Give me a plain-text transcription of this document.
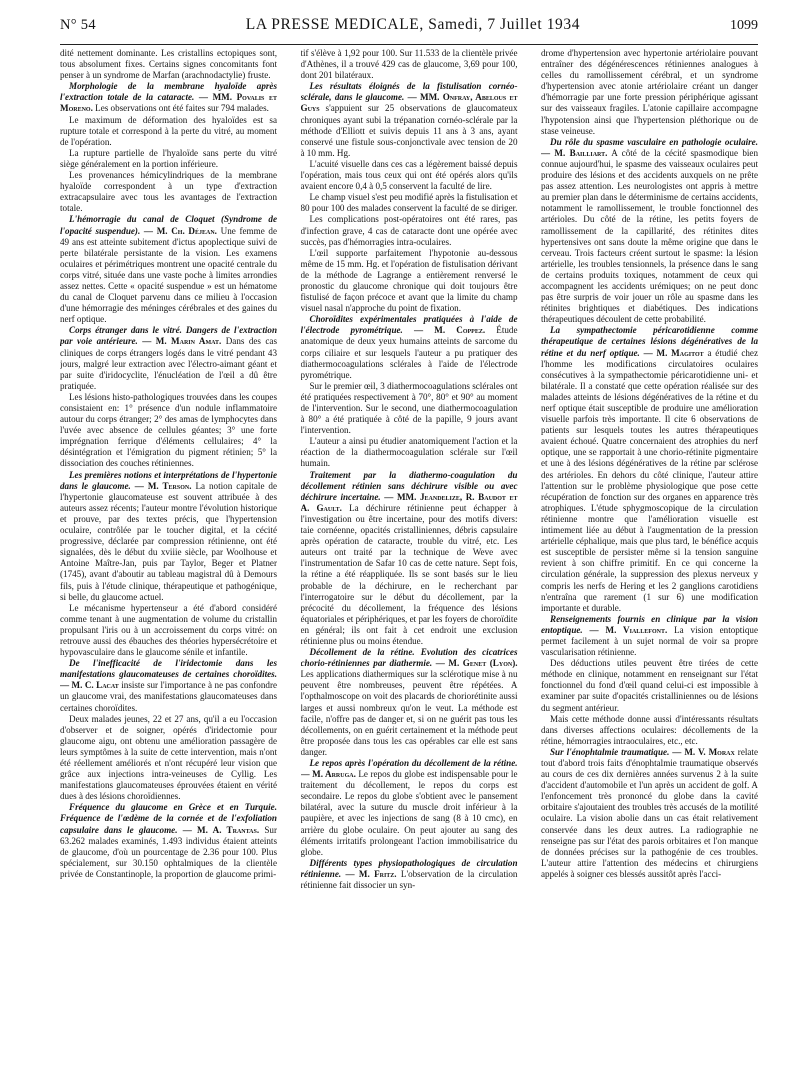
N° 54	LA PRESSE MEDICALE, Samedi, 7 Juillet 1934	1099

dité nettement dominante. Les cristallins ectopiques sont, tous absolument fixes. Certains signes concomitants font penser à un syndrome de Marfan (arachnodactylie) fruste.

Morphologie de la membrane hyaloïde après l'extraction totale de la cataracte. — MM. Povalis et Moreno. Les observations ont été faites sur 794 malades.

Le maximum de déformation des hyaloïdes est sa rupture totale et correspond à la perte du vitré, au moment de l'opération.

La rupture partielle de l'hyaloïde sans perte du vitré siège généralement en la portion inférieure.

Les provenances hémicylindriques de la membrane hyaloïde correspondent à un type d'extraction extracapsulaire avec tous les avantages de l'extraction totale.

L'hémorragie du canal de Cloquet (Syndrome de l'opacité suspendue). — M. Ch. Déjean. Une femme de 49 ans est atteinte subitement d'ictus apoplectique suivi de perte bilatérale persistante de la vision. Les examens oculaires et périmétriques montrent une opacité centrale du corps vitré, située dans une vaste poche à limites arrondies assez nettes. Cette « opacité suspendue » est un hématome du canal de Cloquet parvenu dans ce milieu à l'occasion d'une hémorragie des méninges cérébrales et des gaines du nerf optique.

Corps étranger dans le vitré. Dangers de l'extraction par voie antérieure. — M. Marin Amat. Dans des cas cliniques de corps étrangers logés dans le vitré pendant 43 jours, malgré leur extraction avec l'électro-aimant géant et par suite d'iridocyclite, l'énucléation de l'œil a dû être pratiquée.

Les lésions histo-pathologiques trouvées dans les coupes consistaient en: 1° présence d'un nodule inflammatoire autour du corps étranger; 2° des amas de lymphocytes dans l'uvée avec absence de cellules géantes; 3° une forte imprégnation ferrique d'éléments cellulaires; 4° la désintégration et l'émigration du pigment rétinien; 5° la dissociation des couches rétiniennes.

Les premières notions et interprétations de l'hypertonie dans le glaucome. — M. Terson. La notion capitale de l'hypertonie glaucomateuse est souvent attribuée à des auteurs assez récents; l'auteur montre l'évolution historique et prouve, par des textes précis, que l'hypertension oculaire, contrôlée par le toucher digital, et la cécité progressive, déclarée par compression rétinienne, ont été signalées, dès le début du xviiie siècle, par Woolhouse et Antoine Maître-Jan, puis par Taylor, Beger et Platner (1745), avant d'aboutir au tableau magistral dû à Demours fils, puis à l'étude clinique, thérapeutique et pathogénique, si belle, du glaucome actuel.

Le mécanisme hypertenseur a été d'abord considéré comme tenant à une augmentation de volume du cristallin propulsant l'iris ou à un accroissement du corps vitré: on retrouve aussi des ébauches des théories hypersécrétoire et hypovasculaire dans le glaucome sénile et infantile.

De l'inefficacité de l'iridectomie dans les manifestations glaucomateuses de certaines choroïdites. — M. C. Lacat insiste sur l'importance à ne pas confondre un glaucome vrai, des manifestations glaucomateuses dans certaines choroïdites.

Deux malades jeunes, 22 et 27 ans, qu'il a eu l'occasion d'observer et de soigner, opérés d'iridectomie pour glaucome aigu, ont obtenu une amélioration passagère de leurs symptômes à la suite de cette intervention, mais n'ont été réellement améliorés et n'ont récupéré leur vision que grâce aux injections intra-veineuses de Cyllig. Les manifestations glaucomateuses éprouvées étaient en vérité dues à des lésions choroïdiennes.

Fréquence du glaucome en Grèce et en Turquie. Fréquence de l'œdème de la cornée et de l'exfoliation capsulaire dans le glaucome. — M. A. Trantas. Sur 63.262 malades examinés, 1.493 individus étaient atteints de glaucome, d'où un pourcentage de 2.36 pour 100. Plus spécialement, sur 30.150 ophtalmiques de la clientèle privée de Constantinople, la proportion de glaucome primi-

tif s'élève à 1,92 pour 100. Sur 11.533 de la clientèle privée d'Athènes, il a trouvé 429 cas de glaucome, 3,69 pour 100, dont 201 bilatéraux.

Les résultats éloignés de la fistulisation cornéo-sclérale, dans le glaucome. — MM. Onfray, Abelous et Guys s'appuient sur 25 observations de glaucomateux chroniques ayant subi la trépanation cornéo-sclérale par la méthode d'Elliott et suivis depuis 11 ans à 3 ans, ayant conservé une fistule sous-conjonctivale avec tension de 20 à 10 mm. Hg.

L'acuité visuelle dans ces cas a légèrement baissé depuis l'opération, mais tous ceux qui ont été opérés alors qu'ils avaient encore 0,4 à 0,5 conservent la faculté de lire.

Le champ visuel s'est peu modifié après la fistulisation et 80 pour 100 des malades conservent la faculté de se diriger.

Les complications post-opératoires ont été rares, pas d'infection grave, 4 cas de cataracte dont une opérée avec succès, pas d'hémorragies intra-oculaires.

L'œil supporte parfaitement l'hypotonie au-dessous même de 15 mm. Hg. et l'opération de fistulisation dérivant de la méthode de Lagrange a entièrement renversé le pronostic du glaucome chronique qui doit toujours être fistulisé de façon précoce et avant que la limite du champ visuel nasal n'approche du point de fixation.

Choroïdites expérimentales pratiquées à l'aide de l'électrode pyrométrique. — M. Coppez. Étude anatomique de deux yeux humains atteints de sarcome du corps ciliaire et sur lesquels l'auteur a pu pratiquer des diathermocoagulations sclérales à l'aide de l'électrode pyrométrique.

Sur le premier œil, 3 diathermocoagulations sclérales ont été pratiquées respectivement à 70°, 80° et 90° au moment de l'intervention. Sur le second, une diathermocoagulation à 80° a été pratiquée à côté de la papille, 9 jours avant l'intervention.

L'auteur a ainsi pu étudier anatomiquement l'action et la réaction de la diathermocoagulation sclérale sur l'œil humain.

Traitement par la diathermo-coagulation du décollement rétinien sans déchirure visible ou avec déchirure incertaine. — MM. Jeandelize, R. Baudot et A. Gault. La déchirure rétinienne peut échapper à l'investigation ou être incertaine, pour des motifs divers: taie cornéenne, opacités cristalliniennes, débris capsulaire après opération de cataracte, trouble du vitré, etc. Les auteurs ont traité par la technique de Weve avec l'instrumentation de Safar 10 cas de cette nature. Sept fois, la rétine a été réappliquée. Ils se sont basés sur le lieu probable de la déchirure, en le recherchant par l'interrogatoire sur le début du décollement, par la précocité du décollement, la fréquence des lésions équatoriales et périphériques, et par les foyers de choroïdite en général; ils ont fait à cet endroit une exclusion rétinienne plus ou moins étendue.

Décollement de la rétine. Evolution des cicatrices chorio-rétiniennes par diathermie. — M. Genet (Lyon). Les applications diathermiques sur la sclérotique mise à nu peuvent être nombreuses, peuvent être répétées. A l'opthalmoscope on voit des placards de choriorétinite aussi larges et aussi nombreux qu'on le veut. La méthode est facile, n'offre pas de danger et, si on ne guérit pas tous les décollements, on en guérit certainement et la méthode peut être proposée dans tous les cas opérables car elle est sans danger.

Le repos après l'opération du décollement de la rétine. — M. Arruga. Le repos du globe est indispensable pour le traitement du décollement, le repos du corps est secondaire. Le repos du globe s'obtient avec le pansement bilatéral, avec la suture du muscle droit inférieur à la paupière, et avec les injections de sang (8 à 10 cmc), en arrière du globe oculaire. On peut ajouter au sang des éléments irritatifs prolongeant l'action immobilisatrice du globe.

Différents types physiopathologiques de circulation rétinienne. — M. Fritz. L'observation de la circulation rétinienne fait dissocier un syn-

drome d'hypertension avec hypertonie artériolaire pouvant entraîner des dégénérescences rétiniennes analogues à celles du ramollissement cérébral, et un syndrome d'hypertension avec atonie artériolaire créant un danger d'hémorragie par une forte pression périphérique agissant sur des vaisseaux fragiles. L'atonie capillaire accompagne l'hypotension ainsi que l'hypertension pléthorique ou de stase veineuse.

Du rôle du spasme vasculaire en pathologie oculaire. — M. Bailliart. A côté de la cécité spasmodique bien connue aujourd'hui, le spasme des vaisseaux oculaires peut produire des lésions et des accidents auxquels on ne prête pas assez attention. Les neurologistes ont appris à mettre au premier plan dans le déterminisme de certains accidents, notamment le ramollissement, le trouble fonctionnel des artérioles. Du côté de la rétine, les petits foyers de ramollissement de la capillarité, des rétinites dites hypertensives ont sans doute la même origine que dans le cerveau. Trois facteurs créent surtout le spasme: la lésion artérielle, les troubles tensionnels, la présence dans le sang de certains produits toxiques, notamment de ceux qui accompagnent les accidents urémiques; on ne peut donc pas être surpris de voir jouer un rôle au spasme dans les rétinites brightiques et diabétiques. Des indications thérapeutiques découlent de cette probabilité.

La sympathectomie péricarotidienne comme thérapeutique de certaines lésions dégénératives de la rétine et du nerf optique. — M. Magitot a étudié chez l'homme les modifications circulatoires oculaires consécutives à la sympathectomie péricarotidienne uni- et bilatérale. Il a constaté que cette opération réalisée sur des malades atteints de lésions dégénératives de la rétine et du nerf optique était susceptible de produire une amélioration visuelle parfois très importante. Il cite 6 observations de patients sur lesquels toutes les autres thérapeutiques avaient échoué. Quatre concernaient des atrophies du nerf optique, une se rapportait à une chorio-rétinite pigmentaire et une à des lésions dégénératives de la rétine par sclérose des artérioles. En dehors du côté clinique, l'auteur attire l'attention sur le problème physiologique que pose cette récupération de fonction sur des organes en apparence très atrophiques. L'étude sphygmoscopique de la circulation rétinienne montre que l'amélioration visuelle est intimement liée au début à l'augmentation de la pression artérielle céphalique, mais que plus tard, le bénéfice acquis est susceptible de persister même si la tension sanguine revient à son chiffre primitif. En ce qui concerne la circulation générale, la suppression des plexus nerveux y compris les nerfs de Hering et les 2 ganglions carotidiens n'entraîna que rarement (1 sur 6) une modification importante et durable.

Renseignements fournis en clinique par la vision entoptique. — M. Viallefont. La vision entoptique permet facilement à un sujet normal de voir sa propre vascularisation rétinienne.

Des déductions utiles peuvent être tirées de cette méthode en clinique, notamment en renseignant sur l'état fonctionnel du fond d'œil quand celui-ci est impossible à examiner par suite d'opacités cristalliniennes ou de lésions du segment antérieur.

Mais cette méthode donne aussi d'intéressants résultats dans diverses affections oculaires: décollements de la rétine, hémorragies intraoculaires, etc., etc.

Sur l'énophtalmie traumatique. — M. V. Morax relate tout d'abord trois faits d'énophtalmie traumatique observés au cours de ces dix dernières années survenus 2 à la suite d'accident d'automobile et l'un après un accident de golf. A l'enfoncement très prononcé du globe dans la cavité orbitaire s'ajoutaient des troubles très accusés de la motilité oculaire. La vision abolie dans un cas était relativement conservée dans les deux autres. La radiographie ne renseigne pas sur l'état des parois orbitaires et l'on manque de données précises sur la pathogénie de ces troubles. L'auteur attire l'attention des médecins et chirurgiens appelés à soigner ces blessés aussitôt après l'acci-
